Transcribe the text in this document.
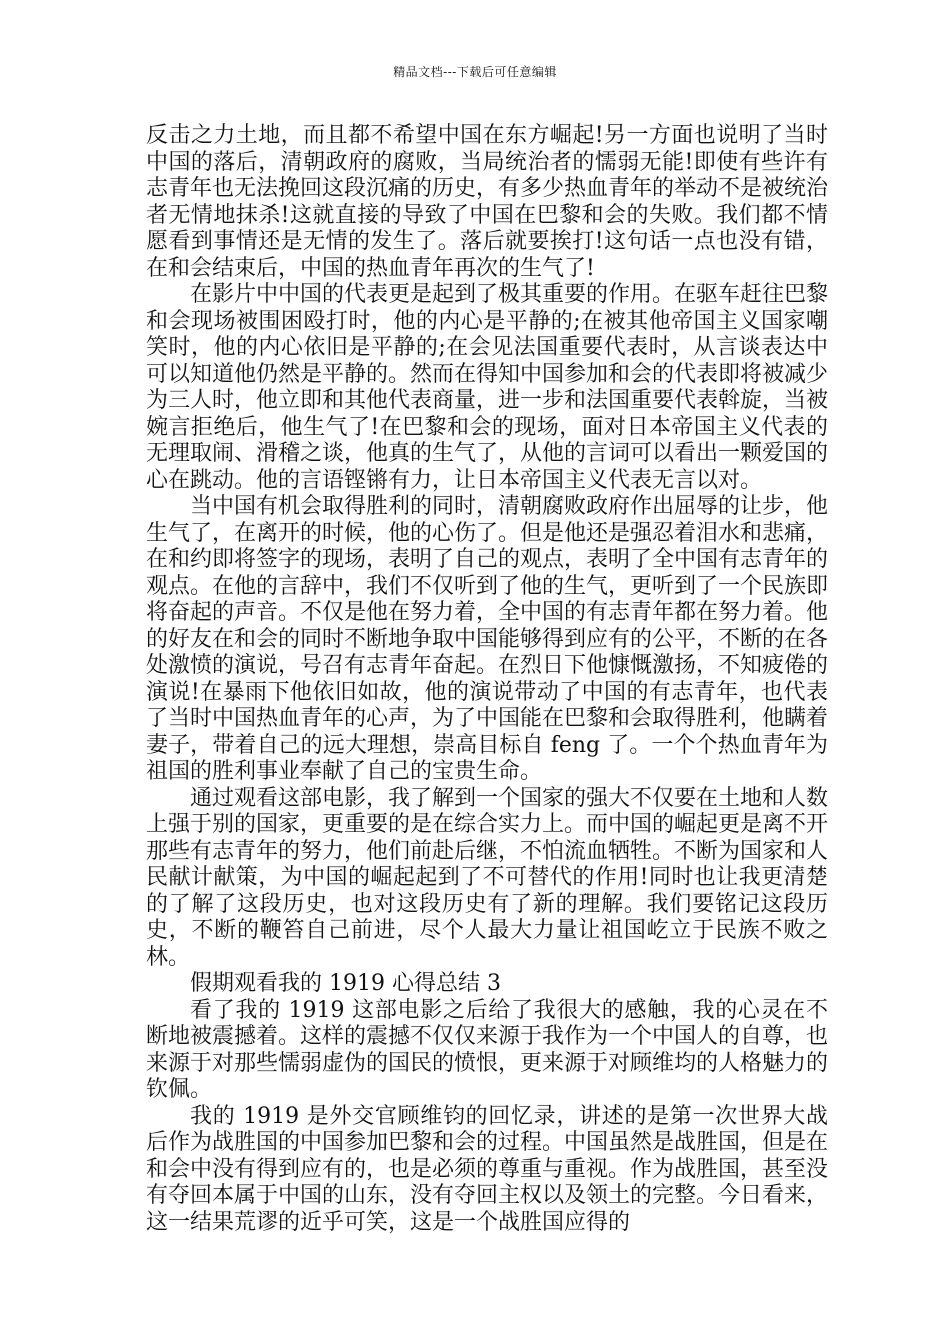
精品文档---下载后可任意编辑

反击之力土地，而且都不希望中国在东方崛起!另一方面也说明了当时中国的落后，清朝政府的腐败，当局统治者的懦弱无能!即使有些许有志青年也无法挽回这段沉痛的历史，有多少热血青年的举动不是被统治者无情地抹杀!这就直接的导致了中国在巴黎和会的失败。我们都不情愿看到事情还是无情的发生了。落后就要挨打!这句话一点也没有错，在和会结束后，中国的热血青年再次的生气了!

在影片中中国的代表更是起到了极其重要的作用。在驱车赶往巴黎和会现场被围困殴打时，他的内心是平静的;在被其他帝国主义国家嘲笑时，他的内心依旧是平静的;在会见法国重要代表时，从言谈表达中可以知道他仍然是平静的。然而在得知中国参加和会的代表即将被减少为三人时，他立即和其他代表商量，进一步和法国重要代表斡旋，当被婉言拒绝后，他生气了!在巴黎和会的现场，面对日本帝国主义代表的无理取闹、滑稽之谈，他真的生气了，从他的言词可以看出一颗爱国的心在跳动。他的言语铿锵有力，让日本帝国主义代表无言以对。

当中国有机会取得胜利的同时，清朝腐败政府作出屈辱的让步，他生气了，在离开的时候，他的心伤了。但是他还是强忍着泪水和悲痛，在和约即将签字的现场，表明了自己的观点，表明了全中国有志青年的观点。在他的言辞中，我们不仅听到了他的生气，更听到了一个民族即将奋起的声音。不仅是他在努力着，全中国的有志青年都在努力着。他的好友在和会的同时不断地争取中国能够得到应有的公平，不断的在各处激愤的演说，号召有志青年奋起。在烈日下他慷慨激扬，不知疲倦的演说!在暴雨下他依旧如故，他的演说带动了中国的有志青年，也代表了当时中国热血青年的心声，为了中国能在巴黎和会取得胜利，他瞒着妻子，带着自己的远大理想，崇高目标自 feng 了。一个个热血青年为祖国的胜利事业奉献了自己的宝贵生命。

通过观看这部电影，我了解到一个国家的强大不仅要在土地和人数上强于别的国家，更重要的是在综合实力上。而中国的崛起更是离不开那些有志青年的努力，他们前赴后继，不怕流血牺牲。不断为国家和人民献计献策，为中国的崛起起到了不可替代的作用!同时也让我更清楚的了解了这段历史，也对这段历史有了新的理解。我们要铭记这段历史，不断的鞭笞自己前进，尽个人最大力量让祖国屹立于民族不败之林。

假期观看我的 1919 心得总结 3

看了我的 1919 这部电影之后给了我很大的感触，我的心灵在不断地被震撼着。这样的震撼不仅仅来源于我作为一个中国人的自尊，也来源于对那些懦弱虚伪的国民的愤恨，更来源于对顾维均的人格魅力的钦佩。

我的 1919 是外交官顾维钧的回忆录，讲述的是第一次世界大战后作为战胜国的中国参加巴黎和会的过程。中国虽然是战胜国，但是在和会中没有得到应有的，也是必须的尊重与重视。作为战胜国，甚至没有夺回本属于中国的山东，没有夺回主权以及领土的完整。今日看来，这一结果荒谬的近乎可笑，这是一个战胜国应得的
